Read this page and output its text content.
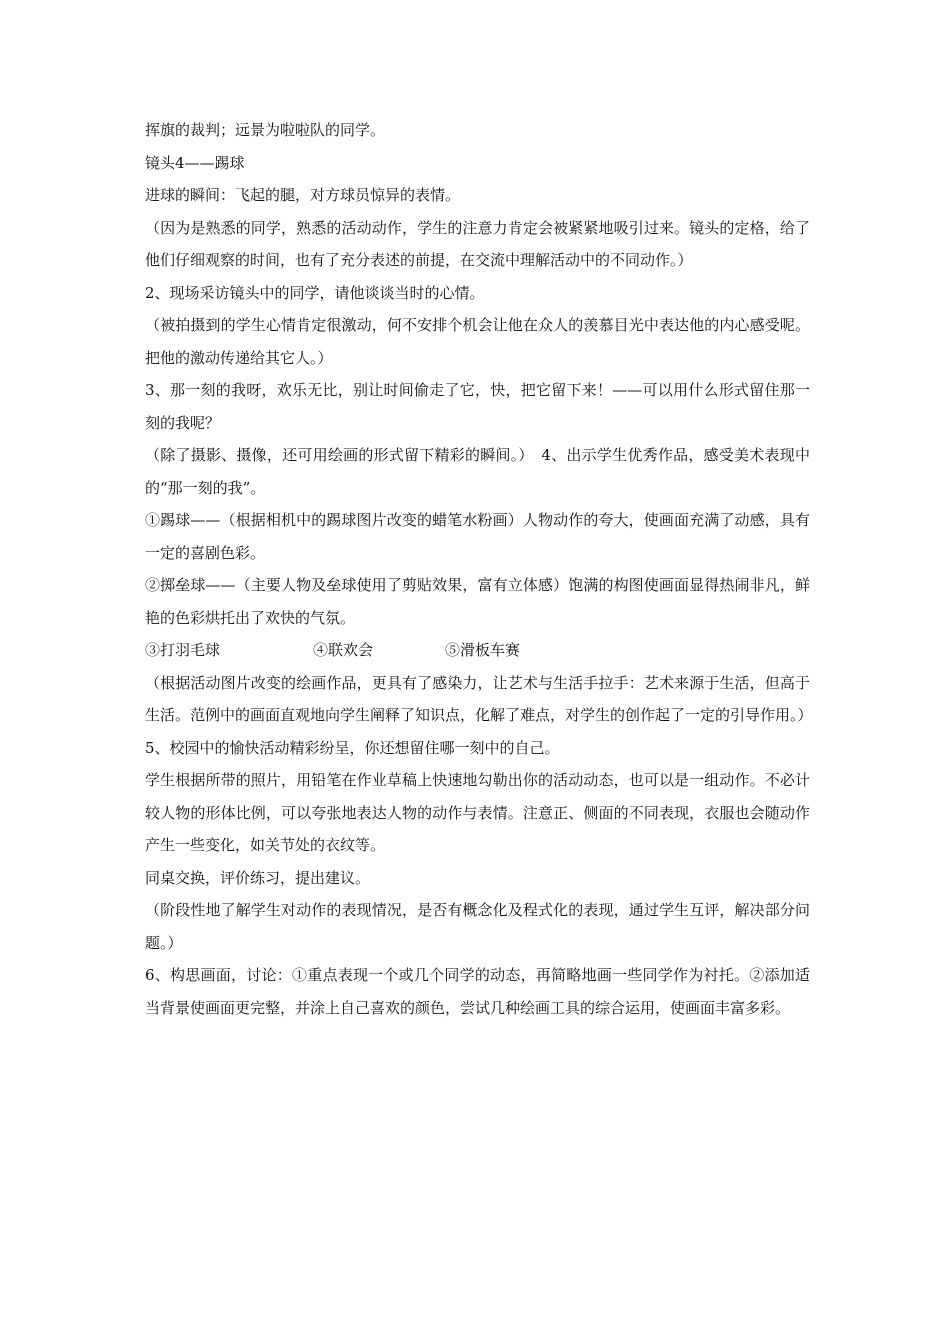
挥旗的裁判；远景为啦啦队的同学。

镜头4——踢球

进球的瞬间：飞起的腿，对方球员惊异的表情。

（因为是熟悉的同学，熟悉的活动动作，学生的注意力肯定会被紧紧地吸引过来。镜头的定格，给了他们仔细观察的时间，也有了充分表述的前提，在交流中理解活动中的不同动作。）

2、现场采访镜头中的同学，请他谈谈当时的心情。

（被拍摄到的学生心情肯定很激动，何不安排个机会让他在众人的羡慕目光中表达他的内心感受呢。把他的激动传递给其它人。）

3、那一刻的我呀，欢乐无比，别让时间偷走了它，快，把它留下来！——可以用什么形式留住那一刻的我呢？

（除了摄影、摄像，还可用绘画的形式留下精彩的瞬间。）　4、出示学生优秀作品，感受美术表现中的“那一刻的我”。

①踢球——（根据相机中的踢球图片改变的蜡笔水粉画）人物动作的夸大，使画面充满了动感，具有一定的喜剧色彩。

②掷垒球——（主要人物及垒球使用了剪贴效果，富有立体感）饱满的构图使画面显得热闹非凡，鲜艳的色彩烘托出了欢快的气氛。

③打羽毛球	④联欢会	⑤滑板车赛

（根据活动图片改变的绘画作品，更具有了感染力，让艺术与生活手拉手：艺术来源于生活，但高于生活。范例中的画面直观地向学生阐释了知识点，化解了难点，对学生的创作起了一定的引导作用。）

5、校园中的愉快活动精彩纷呈，你还想留住哪一刻中的自己。

学生根据所带的照片，用铅笔在作业草稿上快速地勾勒出你的活动动态，也可以是一组动作。不必计较人物的形体比例，可以夸张地表达人物的动作与表情。注意正、侧面的不同表现，衣服也会随动作产生一些变化，如关节处的衣纹等。

同桌交换，评价练习，提出建议。

（阶段性地了解学生对动作的表现情况，是否有概念化及程式化的表现，通过学生互评，解决部分问题。）

6、构思画面，讨论：①重点表现一个或几个同学的动态，再简略地画一些同学作为衬托。②添加适当背景使画面更完整，并涂上自己喜欢的颜色，尝试几种绘画工具的综合运用，使画面丰富多彩。
